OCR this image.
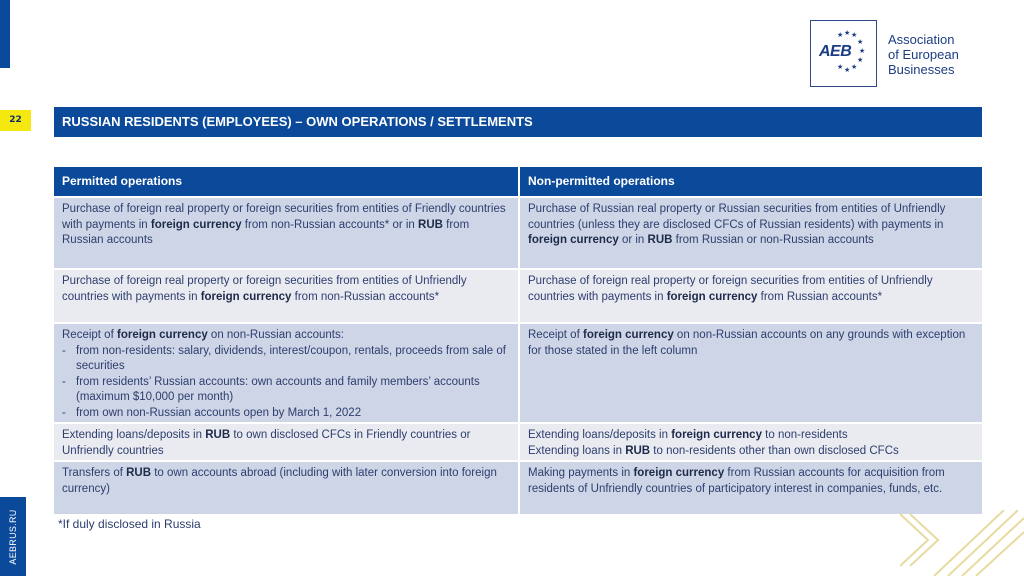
22
AEBRUS.RU
★ ★ ★
★
★
★
★
★
★
AEB
Association
of European
Businesses
RUSSIAN RESIDENTS (EMPLOYEES) – OWN OPERATIONS / SETTLEMENTS
Permitted operations	Non-permitted operations
Purchase of foreign real property or foreign securities from entities of Friendly countries with payments in foreign currency from non-Russian accounts* or in RUB from Russian accounts
Purchase of Russian real property or Russian securities from entities of Unfriendly countries (unless they are disclosed CFCs of Russian residents) with payments in foreign currency or in RUB from Russian or non-Russian accounts
Purchase of foreign real property or foreign securities from entities of Unfriendly countries with payments in foreign currency from non-Russian accounts*
Purchase of foreign real property or foreign securities from entities of Unfriendly countries with payments in foreign currency from Russian accounts*
Receipt of foreign currency on non-Russian accounts:
- from non-residents: salary, dividends, interest/coupon, rentals, proceeds from sale of securities
- from residents’ Russian accounts: own accounts and family members’ accounts (maximum $10,000 per month)
- from own non-Russian accounts open by March 1, 2022
Receipt of foreign currency on non-Russian accounts on any grounds with exception for those stated in the left column
Extending loans/deposits in RUB to own disclosed CFCs in Friendly countries or Unfriendly countries
Extending loans/deposits in foreign currency to non-residents
Extending loans in RUB to non-residents other than own disclosed CFCs
Transfers of RUB to own accounts abroad (including with later conversion into foreign currency)
Making payments in foreign currency from Russian accounts for acquisition from residents of Unfriendly countries of participatory interest in companies, funds, etc.
*If duly disclosed in Russia
